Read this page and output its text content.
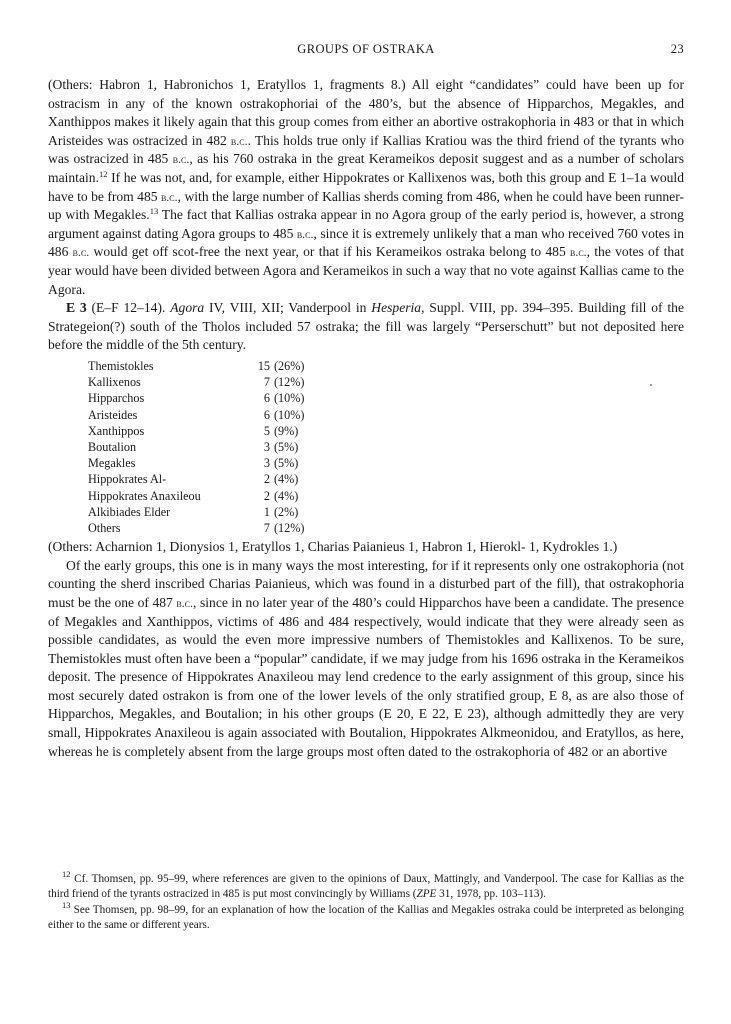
GROUPS OF OSTRAKA	23

(Others: Habron 1, Habronichos 1, Eratyllos 1, fragments 8.) All eight “candidates” could have been up for ostracism in any of the known ostrakophoriai of the 480’s, but the absence of Hipparchos, Megakles, and Xanthippos makes it likely again that this group comes from either an abortive ostrakophoria in 483 or that in which Aristeides was ostracized in 482 b.c.. This holds true only if Kallias Kratiou was the third friend of the tyrants who was ostracized in 485 b.c., as his 760 ostraka in the great Kerameikos deposit suggest and as a number of scholars maintain.$^{12}$ If he was not, and, for example, either Hippokrates or Kallixenos was, both this group and E 1–1a would have to be from 485 b.c., with the large number of Kallias sherds coming from 486, when he could have been runner-up with Megakles.$^{13}$ The fact that Kallias ostraka appear in no Agora group of the early period is, however, a strong argument against dating Agora groups to 485 b.c., since it is extremely unlikely that a man who received 760 votes in 486 b.c. would get off scot-free the next year, or that if his Kerameikos ostraka belong to 485 b.c., the votes of that year would have been divided between Agora and Kerameikos in such a way that no vote against Kallias came to the Agora.

E 3 (E–F 12–14). Agora IV, VIII, XII; Vanderpool in Hesperia, Suppl. VIII, pp. 394–395. Building fill of the Strategeion(?) south of the Tholos included 57 ostraka; the fill was largely “Perserschutt” but not deposited here before the middle of the 5th century.

Themistokles	15 (26%)
Kallixenos	7 (12%)
Hipparchos	6 (10%)
Aristeides	6 (10%)
Xanthippos	5 (9%)
Boutalion	3 (5%)
Megakles	3 (5%)
Hippokrates Al-	2 (4%)
Hippokrates Anaxileou	2 (4%)
Alkibiades Elder	1 (2%)
Others	7 (12%)

(Others: Acharnion 1, Dionysios 1, Eratyllos 1, Charias Paianieus 1, Habron 1, Hierokl- 1, Kydrokles 1.)

Of the early groups, this one is in many ways the most interesting, for if it represents only one ostrakophoria (not counting the sherd inscribed Charias Paianieus, which was found in a disturbed part of the fill), that ostrakophoria must be the one of 487 b.c., since in no later year of the 480’s could Hipparchos have been a candidate. The presence of Megakles and Xanthippos, victims of 486 and 484 respectively, would indicate that they were already seen as possible candidates, as would the even more impressive numbers of Themistokles and Kallixenos. To be sure, Themistokles must often have been a “popular” candidate, if we may judge from his 1696 ostraka in the Kerameikos deposit. The presence of Hippokrates Anaxileou may lend credence to the early assignment of this group, since his most securely dated ostrakon is from one of the lower levels of the only stratified group, E 8, as are also those of Hipparchos, Megakles, and Boutalion; in his other groups (E 20, E 22, E 23), although admittedly they are very small, Hippokrates Anaxileou is again associated with Boutalion, Hippokrates Alkmeonidou, and Eratyllos, as here, whereas he is completely absent from the large groups most often dated to the ostrakophoria of 482 or an abortive

$^{12}$ Cf. Thomsen, pp. 95–99, where references are given to the opinions of Daux, Mattingly, and Vanderpool. The case for Kallias as the third friend of the tyrants ostracized in 485 is put most convincingly by Williams (ZPE 31, 1978, pp. 103–113).

$^{13}$ See Thomsen, pp. 98–99, for an explanation of how the location of the Kallias and Megakles ostraka could be interpreted as belonging either to the same or different years.
